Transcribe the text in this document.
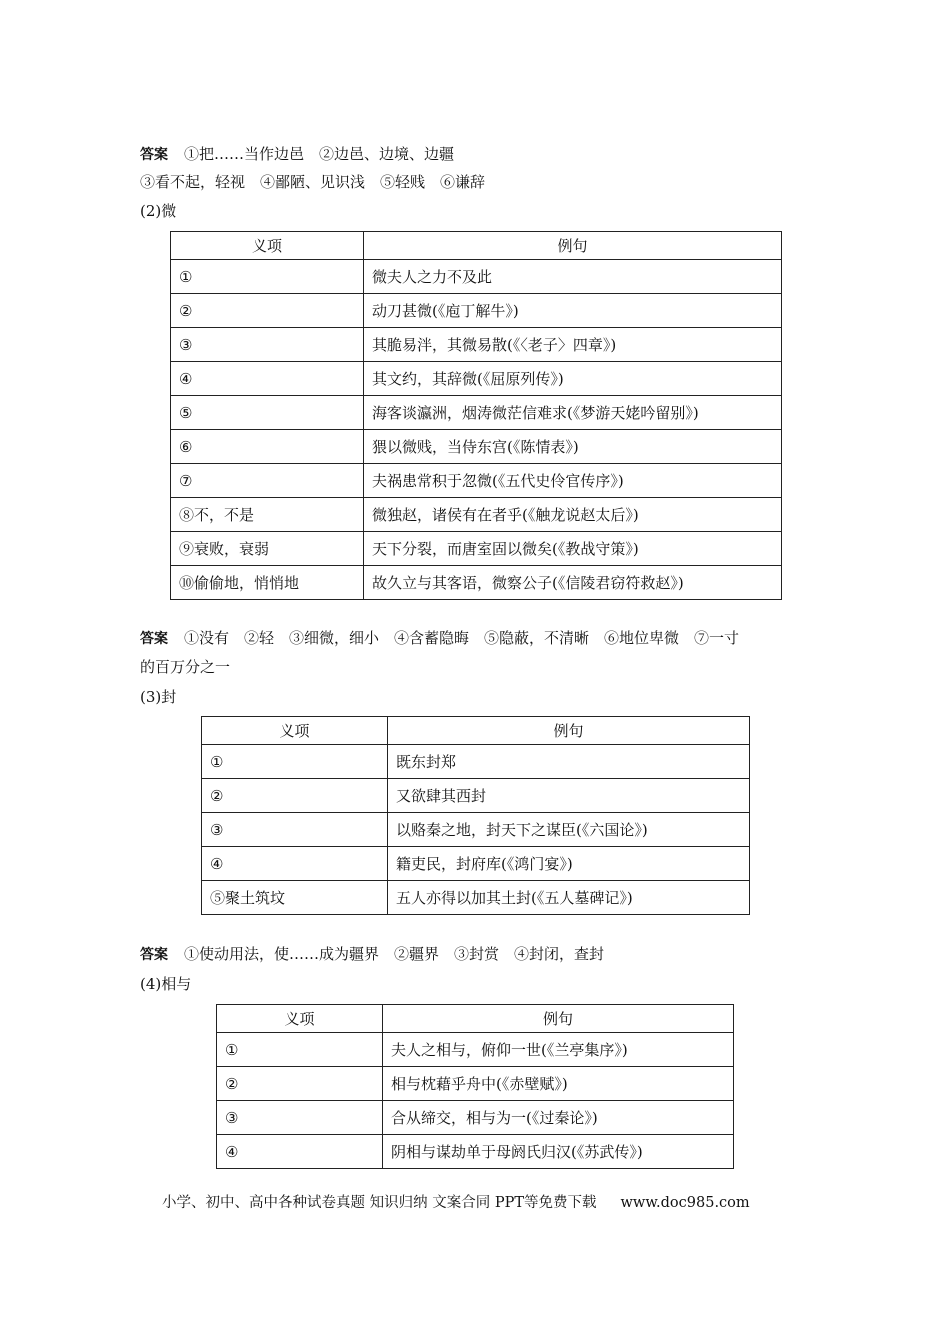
答案 ①把……当作边邑　②边邑、边境、边疆
③看不起，轻视　④鄙陋、见识浅　⑤轻贱　⑥谦辞
(2)微
义项	例句
①	微夫人之力不及此
②	动刀甚微(《庖丁解牛》)
③	其脆易泮，其微易散(《〈老子〉四章》)
④	其文约，其辞微(《屈原列传》)
⑤	海客谈瀛洲，烟涛微茫信难求(《梦游天姥吟留别》)
⑥	猥以微贱，当侍东宫(《陈情表》)
⑦	夫祸患常积于忽微(《五代史伶官传序》)
⑧不，不是	微独赵，诸侯有在者乎(《触龙说赵太后》)
⑨衰败，衰弱	天下分裂，而唐室固以微矣(《教战守策》)
⑩偷偷地，悄悄地	故久立与其客语，微察公子(《信陵君窃符救赵》)
答案 ①没有　②轻　③细微，细小　④含蓄隐晦　⑤隐蔽，不清晰　⑥地位卑微　⑦一寸
的百万分之一
(3)封
义项	例句
①	既东封郑
②	又欲肆其西封
③	以赂秦之地，封天下之谋臣(《六国论》)
④	籍吏民，封府库(《鸿门宴》)
⑤聚土筑坟	五人亦得以加其土封(《五人墓碑记》)
答案 ①使动用法，使……成为疆界　②疆界　③封赏　④封闭，查封
(4)相与
义项	例句
①	夫人之相与，俯仰一世(《兰亭集序》)
②	相与枕藉乎舟中(《赤壁赋》)
③	合从缔交，相与为一(《过秦论》)
④	阴相与谋劫单于母阏氏归汉(《苏武传》)
小学、初中、高中各种试卷真题 知识归纳 文案合同 PPT等免费下载 www.doc985.com
